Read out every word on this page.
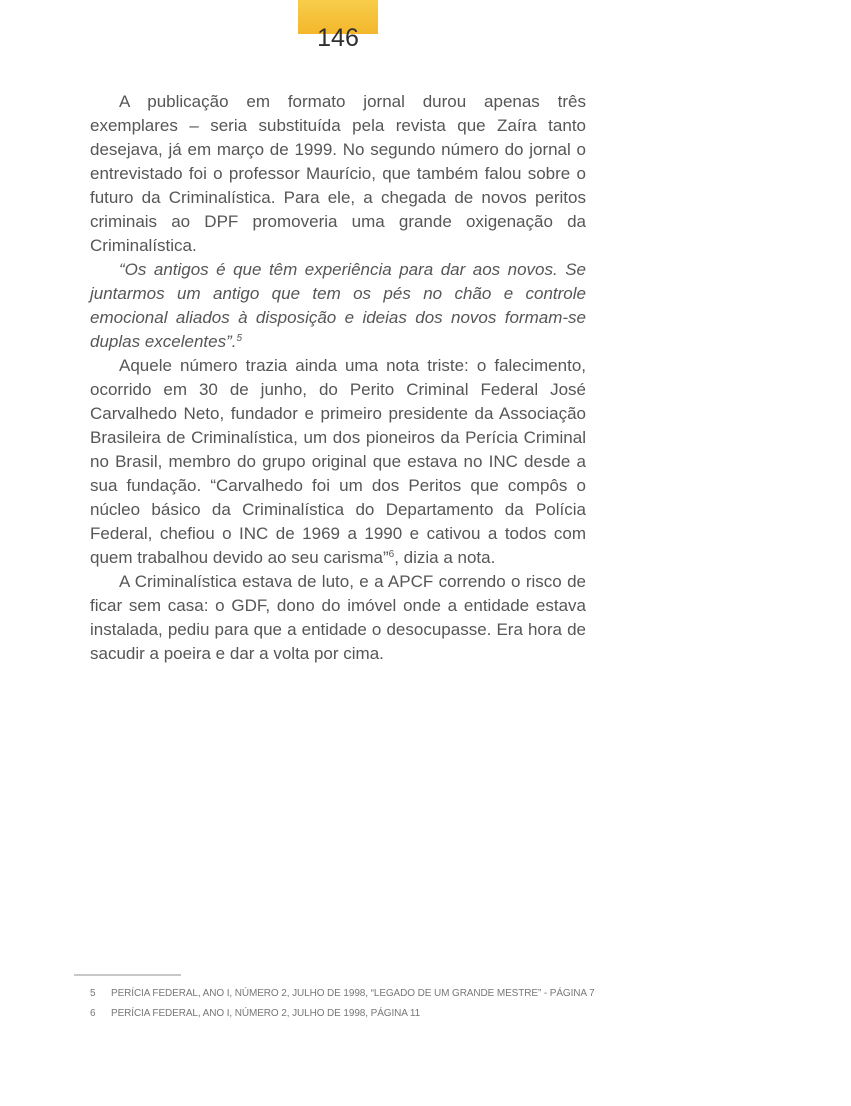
146

A publicação em formato jornal durou apenas três exemplares – seria substituída pela revista que Zaíra tanto desejava, já em março de 1999. No segundo número do jornal o entrevistado foi o professor Maurício, que também falou sobre o futuro da Criminalística. Para ele, a chegada de novos peritos criminais ao DPF promoveria uma grande oxigenação da Criminalística.

“Os antigos é que têm experiência para dar aos novos. Se juntarmos um antigo que tem os pés no chão e controle emocional aliados à disposição e ideias dos novos formam-se duplas excelentes”.$^5$

Aquele número trazia ainda uma nota triste: o falecimento, ocorrido em 30 de junho, do Perito Criminal Federal José Carvalhedo Neto, fundador e primeiro presidente da Associação Brasileira de Criminalística, um dos pioneiros da Perícia Criminal no Brasil, membro do grupo original que estava no INC desde a sua fundação. “Carvalhedo foi um dos Peritos que compôs o núcleo básico da Criminalística do Departamento da Polícia Federal, chefiou o INC de 1969 a 1990 e cativou a todos com quem trabalhou devido ao seu carisma”$^6$, dizia a nota.

A Criminalística estava de luto, e a APCF correndo o risco de ficar sem casa: o GDF, dono do imóvel onde a entidade estava instalada, pediu para que a entidade o desocupasse. Era hora de sacudir a poeira e dar a volta por cima.

5 PERÍCIA FEDERAL, ANO I, NÚMERO 2, JULHO DE 1998, “LEGADO DE UM GRANDE MESTRE” - PÁGINA 7
6 PERÍCIA FEDERAL, ANO I, NÚMERO 2, JULHO DE 1998, PÁGINA 11
